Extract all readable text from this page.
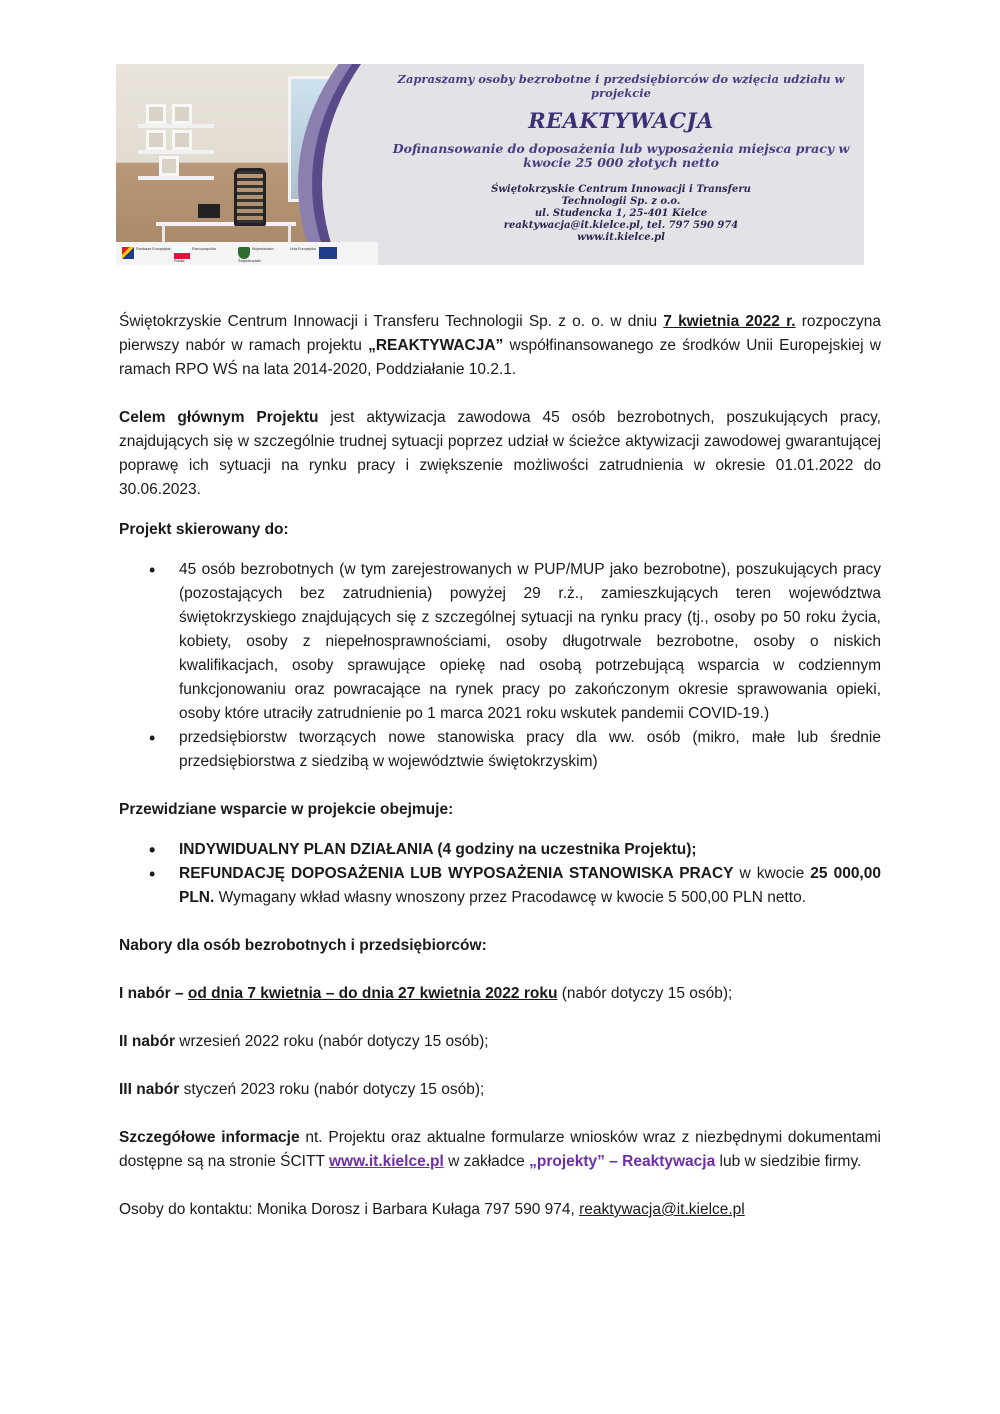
Fundusze Europejskie	Rzeczpospolita Polska
Województwo Świętokrzyskie
Unia Europejska
Zapraszamy osoby bezrobotne i przedsiębiorców do wzięcia udziału w projekcie
REAKTYWACJA
Dofinansowanie do doposażenia lub wyposażenia miejsca pracy w kwocie 25 000 złotych netto
Świętokrzyskie Centrum Innowacji i Transferu
Technologii Sp. z o.o.
ul. Studencka 1, 25-401 Kielce
reaktywacja@it.kielce.pl, tel. 797 590 974
www.it.kielce.pl

Świętokrzyskie Centrum Innowacji i Transferu Technologii Sp. z o. o. w dniu 7 kwietnia 2022 r. rozpoczyna pierwszy nabór w ramach projektu „REAKTYWACJA” współfinansowanego ze środków Unii Europejskiej w ramach RPO WŚ na lata 2014-2020, Poddziałanie 10.2.1.

Celem głównym Projektu jest aktywizacja zawodowa 45 osób bezrobotnych, poszukujących pracy, znajdujących się w szczególnie trudnej sytuacji poprzez udział w ścieżce aktywizacji zawodowej gwarantującej poprawę ich sytuacji na rynku pracy i zwiększenie możliwości zatrudnienia w okresie 01.01.2022 do 30.06.2023.

Projekt skierowany do:

• 45 osób bezrobotnych (w tym zarejestrowanych w PUP/MUP jako bezrobotne), poszukujących pracy (pozostających bez zatrudnienia) powyżej 29 r.ż., zamieszkujących teren województwa świętokrzyskiego znajdujących się z szczególnej sytuacji na rynku pracy (tj., osoby po 50 roku życia, kobiety, osoby z niepełnosprawnościami, osoby długotrwale bezrobotne, osoby o niskich kwalifikacjach, osoby sprawujące opiekę nad osobą potrzebującą wsparcia w codziennym funkcjonowaniu oraz powracające na rynek pracy po zakończonym okresie sprawowania opieki, osoby które utraciły zatrudnienie po 1 marca 2021 roku wskutek pandemii COVID-19.)
• przedsiębiorstw tworzących nowe stanowiska pracy dla ww. osób (mikro, małe lub średnie przedsiębiorstwa z siedzibą w województwie świętokrzyskim)

Przewidziane wsparcie w projekcie obejmuje:

• INDYWIDUALNY PLAN DZIAŁANIA (4 godziny na uczestnika Projektu);
• REFUNDACJĘ DOPOSAŻENIA LUB WYPOSAŻENIA STANOWISKA PRACY w kwocie 25 000,00 PLN. Wymagany wkład własny wnoszony przez Pracodawcę w kwocie 5 500,00 PLN netto.

Nabory dla osób bezrobotnych i przedsiębiorców:

I nabór – od dnia 7 kwietnia – do dnia 27 kwietnia 2022 roku (nabór dotyczy 15 osób);

II nabór wrzesień 2022 roku (nabór dotyczy 15 osób);

III nabór styczeń 2023 roku (nabór dotyczy 15 osób);

Szczegółowe informacje nt. Projektu oraz aktualne formularze wniosków wraz z niezbędnymi dokumentami dostępne są na stronie ŚCITT www.it.kielce.pl w zakładce „projekty” – Reaktywacja lub w siedzibie firmy.

Osoby do kontaktu: Monika Dorosz i Barbara Kułaga 797 590 974, reaktywacja@it.kielce.pl
